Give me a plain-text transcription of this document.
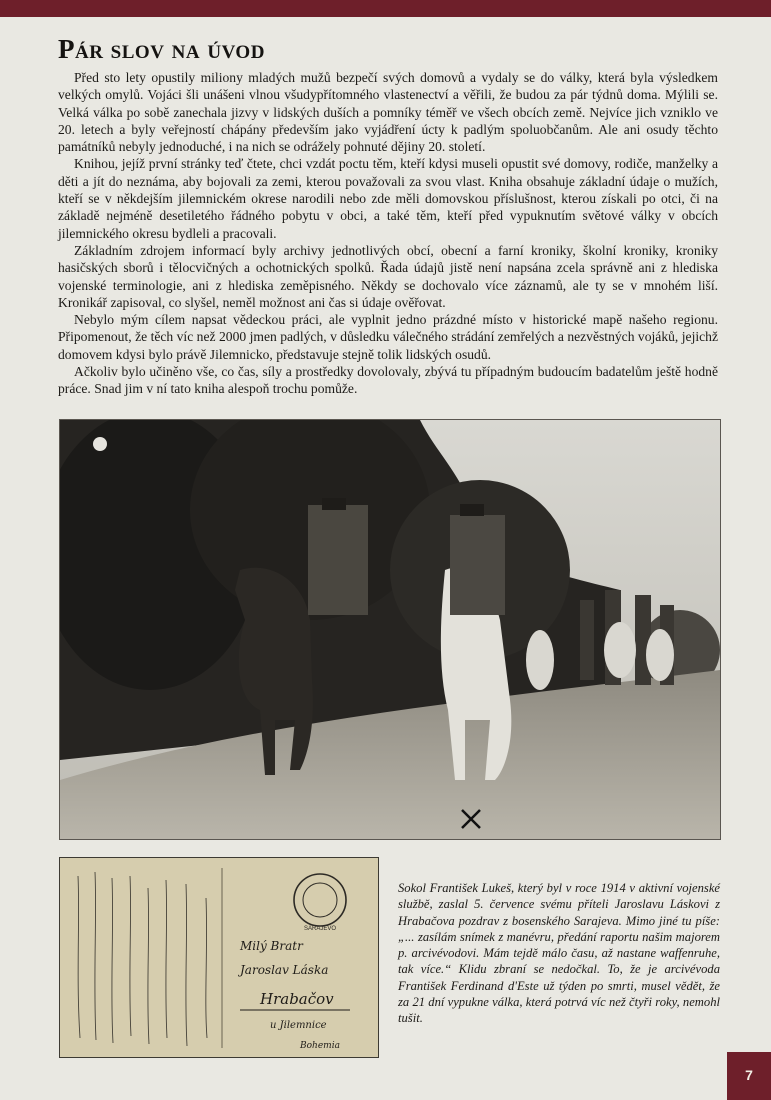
Pár slov na úvod

Před sto lety opustily miliony mladých mužů bezpečí svých domovů a vydaly se do války, která byla výsledkem velkých omylů. Vojáci šli unášeni vlnou všudypřítomného vlastenectví a věřili, že budou za pár týdnů doma. Mýlili se. Velká válka po sobě zanechala jizvy v lidských duších a pomníky téměř ve všech obcích země. Nejvíce jich vzniklo ve 20. letech a byly veřejností chápány především jako vyjádření úcty k padlým spoluobčanům. Ale ani osudy těchto památníků nebyly jednoduché, i na nich se odrážely pohnuté dějiny 20. století.

Knihou, jejíž první stránky teď čtete, chci vzdát poctu těm, kteří kdysi museli opustit své domovy, rodiče, manželky a děti a jít do neznáma, aby bojovali za zemi, kterou považovali za svou vlast. Kniha obsahuje základní údaje o mužích, kteří se v někdejším jilemnickém okrese narodili nebo zde měli domovskou příslušnost, kterou získali po otci, či na základě nejméně desetiletého řádného pobytu v obci, a také těm, kteří před vypuknutím světové války v obcích jilemnického okresu bydleli a pracovali.

Základním zdrojem informací byly archivy jednotlivých obcí, obecní a farní kroniky, školní kroniky, kroniky hasičských sborů i tělocvičných a ochotnických spolků. Řada údajů jistě není napsána zcela správně ani z hlediska vojenské terminologie, ani z hlediska zeměpisného. Někdy se dochovalo více záznamů, ale ty se v mnohém liší. Kronikář zapisoval, co slyšel, neměl možnost ani čas si údaje ověřovat.

Nebylo mým cílem napsat vědeckou práci, ale vyplnit jedno prázdné místo v historické mapě našeho regionu. Připomenout, že těch víc než 2000 jmen padlých, v důsledku válečného strádání zemřelých a nezvěstných vojáků, jejichž domovem kdysi bylo právě Jilemnicko, představuje stejně tolik lidských osudů.

Ačkoliv bylo učiněno vše, co čas, síly a prostředky dovolovaly, zbývá tu případným budoucím badatelům ještě hodně práce. Snad jim v ní tato kniha alespoň trochu pomůže.

SARAJEVO
Milý Bratr
Jaroslav Láska
Hrabačov
u Jilemnice
Bohemia
Sokol František Lukeš, který byl v roce 1914 v aktivní vojenské službě, zaslal 5. července svému příteli Jaroslavu Láskovi z Hrabačova pozdrav z bosenského Sarajeva. Mimo jiné tu píše: „... zasílám snímek z manévru, předání raportu našim majorem p. arcivévodovi. Mám tejdě málo času, až nastane waffenruhe, tak více.“ Klidu zbraní se nedočkal. To, že je arcivévoda František Ferdinand d'Este už týden po smrti, musel vědět, že za 21 dní vypukne válka, která potrvá víc než čtyři roky, nemohl tušit.
7
